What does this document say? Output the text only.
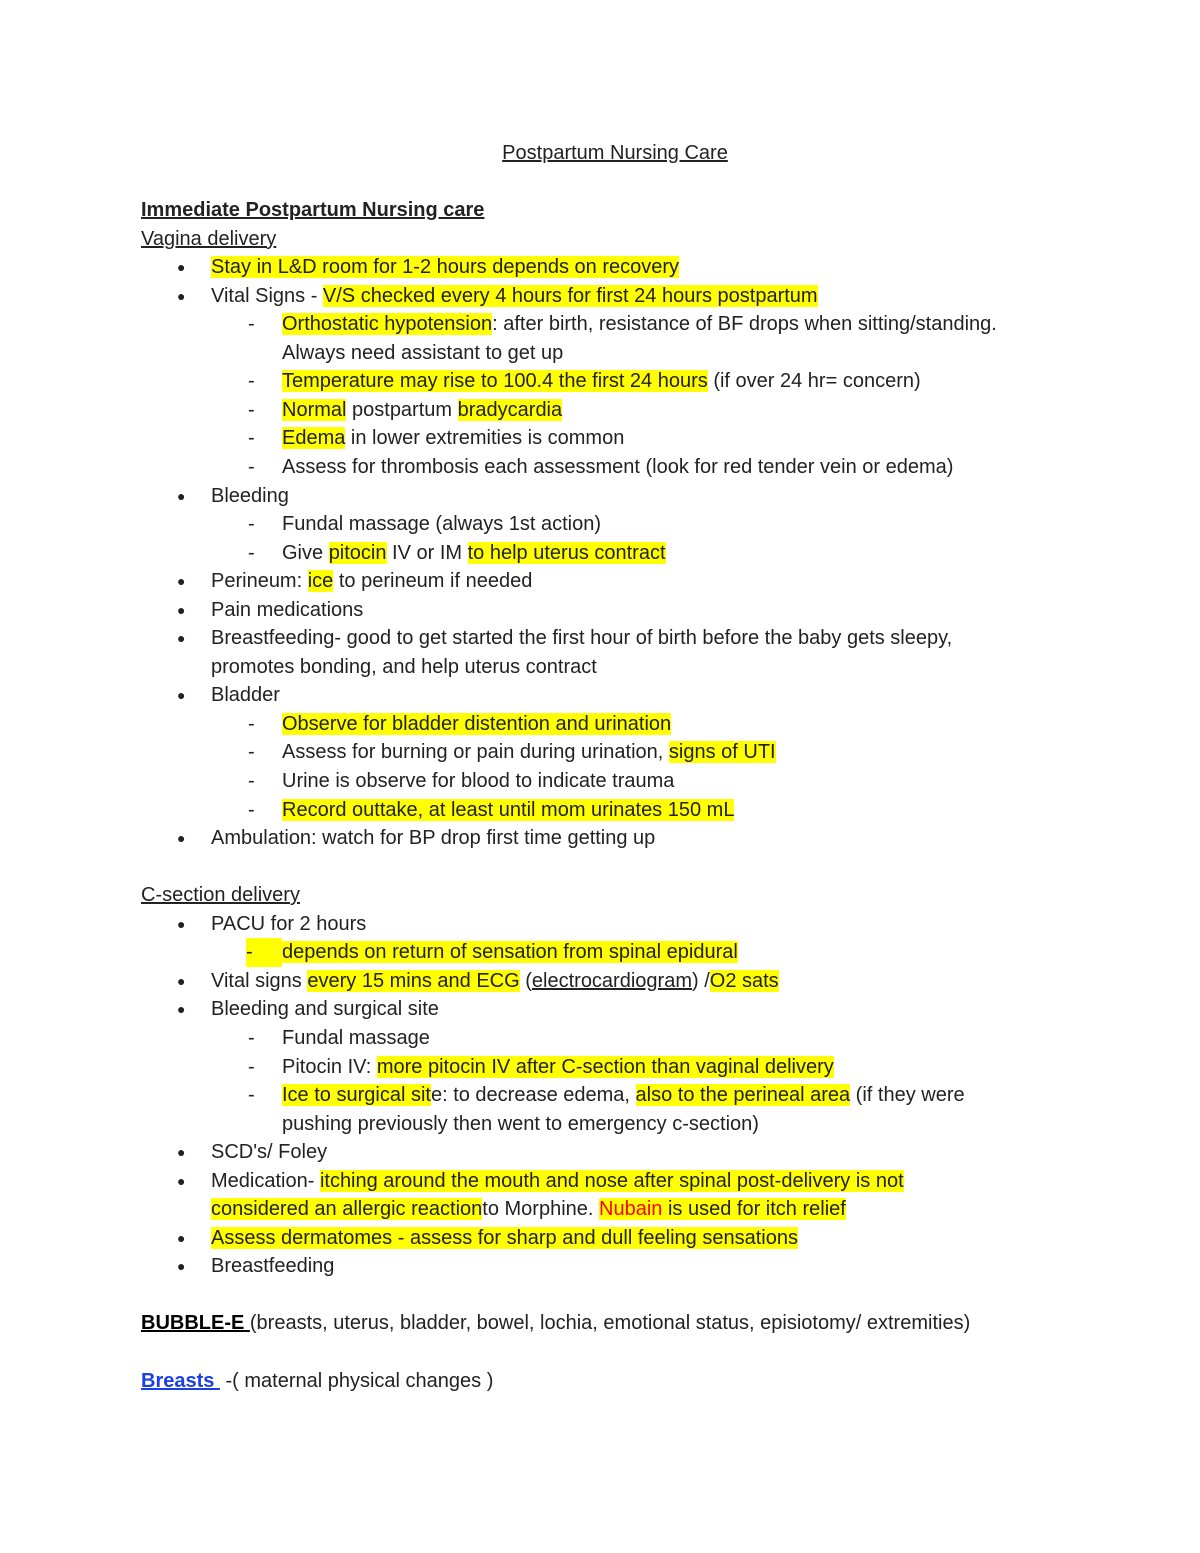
Postpartum Nursing Care
Immediate Postpartum Nursing care
Vagina delivery
● Stay in L&D room for 1-2 hours depends on recovery
● Vital Signs - V/S checked every 4 hours for first 24 hours postpartum
- Orthostatic hypotension: after birth, resistance of BF drops when sitting/standing.
Always need assistant to get up
- Temperature may rise to 100.4 the first 24 hours (if over 24 hr= concern)
- Normal postpartum bradycardia
- Edema in lower extremities is common
- Assess for thrombosis each assessment (look for red tender vein or edema)
● Bleeding
- Fundal massage (always 1st action)
- Give pitocin IV or IM to help uterus contract
● Perineum: ice to perineum if needed
● Pain medications
● Breastfeeding- good to get started the first hour of birth before the baby gets sleepy,
promotes bonding, and help uterus contract
● Bladder
- Observe for bladder distention and urination
- Assess for burning or pain during urination, signs of UTI
- Urine is observe for blood to indicate trauma
- Record outtake, at least until mom urinates 150 mL
● Ambulation: watch for BP drop first time getting up
C-section delivery
● PACU for 2 hours
-	depends on return of sensation from spinal epidural
● Vital signs every 15 mins and ECG (electrocardiogram) /O2 sats
● Bleeding and surgical site
- Fundal massage
- Pitocin IV: more pitocin IV after C-section than vaginal delivery
- Ice to surgical site: to decrease edema, also to the perineal area (if they were
pushing previously then went to emergency c-section)
● SCD's/ Foley
● Medication- itching around the mouth and nose after spinal post-delivery is not
considered an allergic reactionto Morphine. Nubain is used for itch relief
● Assess dermatomes - assess for sharp and dull feeling sensations
● Breastfeeding
BUBBLE-E (breasts, uterus, bladder, bowel, lochia, emotional status, episiotomy/ extremities)
Breasts  -( maternal physical changes )
